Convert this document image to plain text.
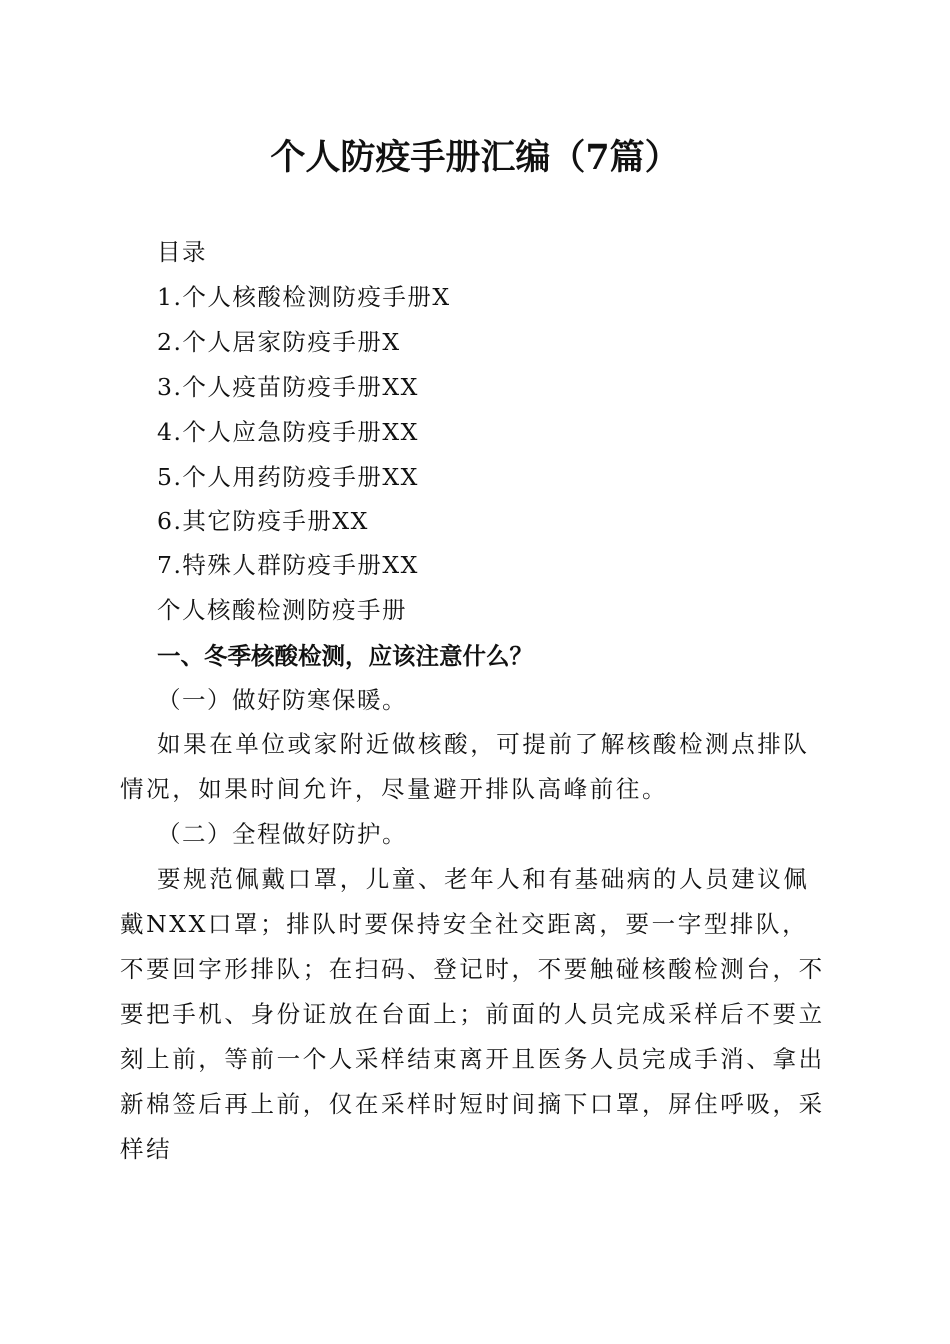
个人防疫手册汇编（7篇）
目录
1.个人核酸检测防疫手册X
2.个人居家防疫手册X
3.个人疫苗防疫手册XX
4.个人应急防疫手册XX
5.个人用药防疫手册XX
6.其它防疫手册XX
7.特殊人群防疫手册XX
个人核酸检测防疫手册
一、冬季核酸检测，应该注意什么？
（一）做好防寒保暖。
如果在单位或家附近做核酸，可提前了解核酸检测点排队情况，如果时间允许，尽量避开排队高峰前往。
（二）全程做好防护。
要规范佩戴口罩，儿童、老年人和有基础病的人员建议佩戴NXX口罩；排队时要保持安全社交距离，要一字型排队，不要回字形排队；在扫码、登记时，不要触碰核酸检测台，不要把手机、身份证放在台面上；前面的人员完成采样后不要立刻上前，等前一个人采样结束离开且医务人员完成手消、拿出新棉签后再上前，仅在采样时短时间摘下口罩，屏住呼吸，采样结
